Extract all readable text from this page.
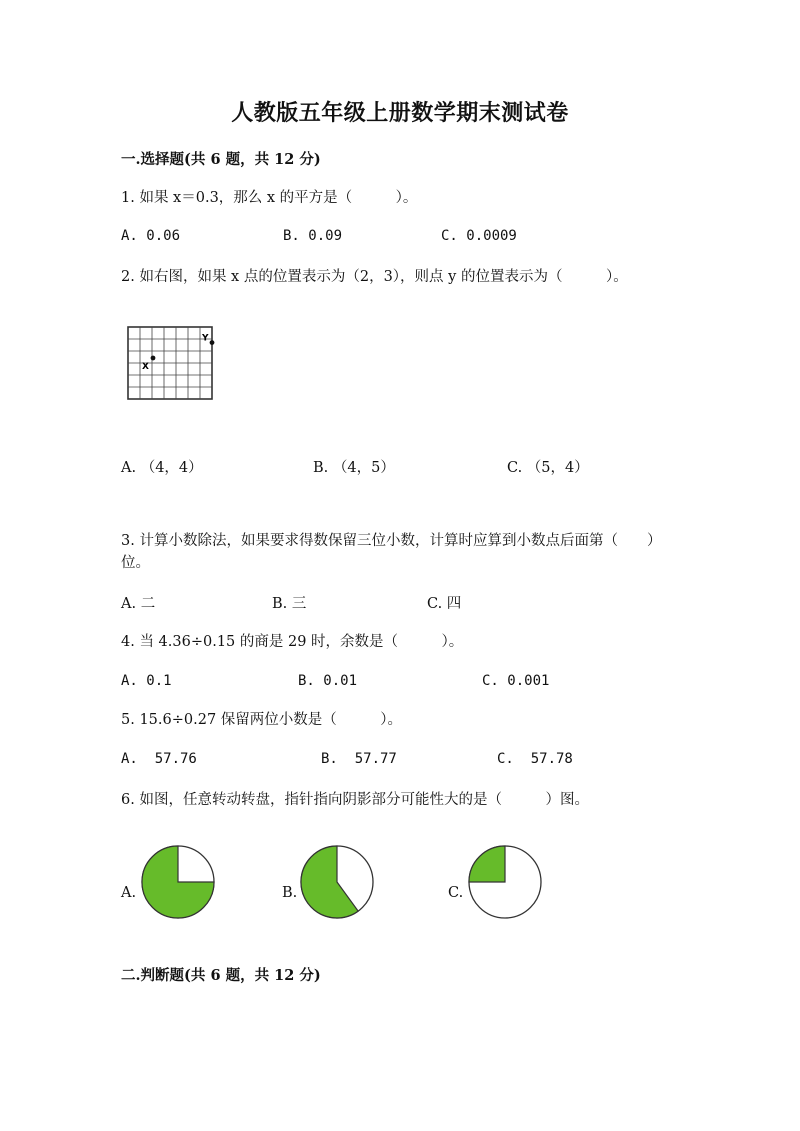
人教版五年级上册数学期末测试卷
一.选择题(共 6 题，共 12 分)
1. 如果 x＝0.3，那么 x 的平方是（　　　）。
A. 0.06	B. 0.09	C. 0.0009
2. 如右图，如果 x 点的位置表示为（2，3），则点 y 的位置表示为（　　　）。
X
Y
A. （4，4）	B. （4，5）	C. （5，4）
3. 计算小数除法，如果要求得数保留三位小数，计算时应算到小数点后面第（　　）位。
A. 二	B. 三	C. 四
4. 当 4.36÷0.15 的商是 29 时，余数是（　　　）。
A. 0.1	B. 0.01	C. 0.001
5. 15.6÷0.27 保留两位小数是（　　　）。
A.  57.76	B.  57.77	C.  57.78
6. 如图，任意转动转盘，指针指向阴影部分可能性大的是（　　　）图。
A.	B.	C.
二.判断题(共 6 题，共 12 分)
